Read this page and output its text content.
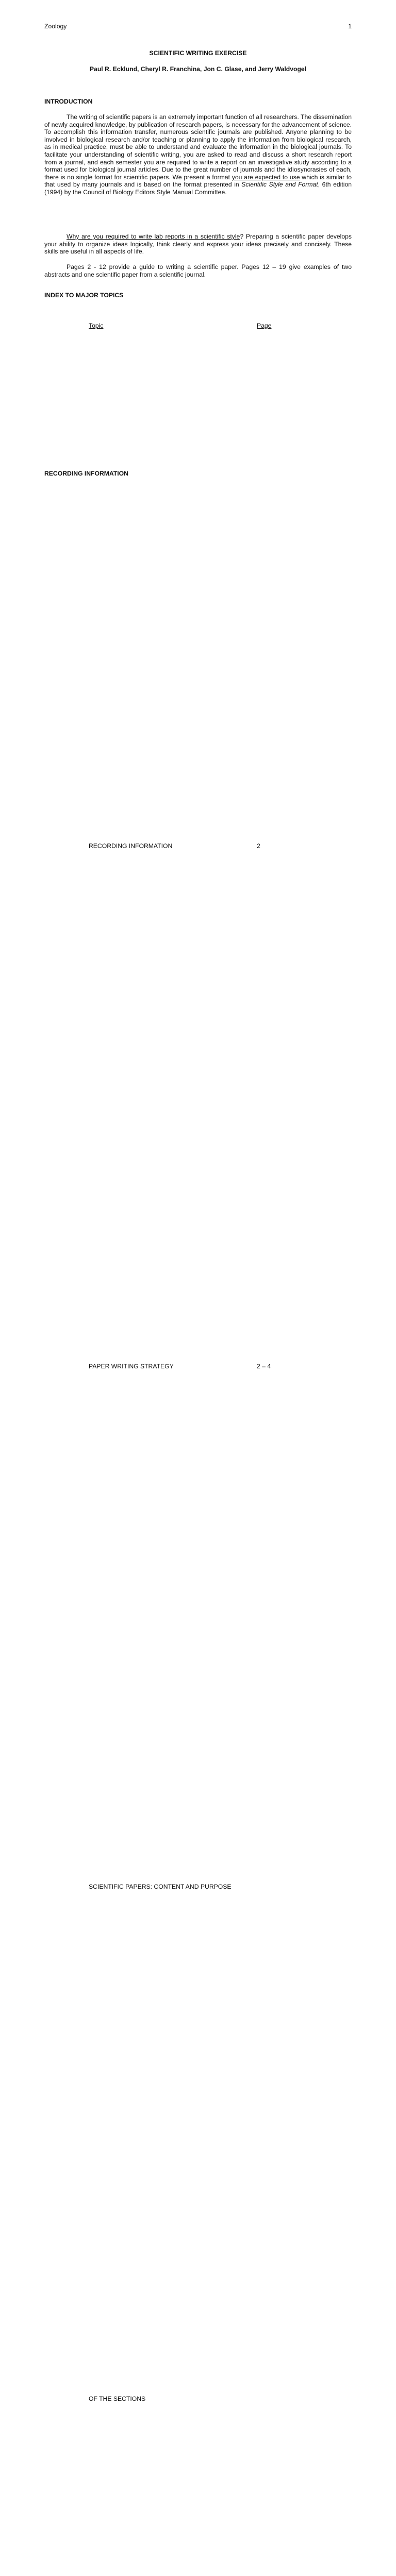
Zoology	1
SCIENTIFIC WRITING EXERCISE
Paul R. Ecklund, Cheryl R. Franchina, Jon C. Glase, and Jerry Waldvogel
INTRODUCTION

The writing of scientific papers is an extremely important function of all researchers. The dissemination of newly acquired knowledge, by publication of research papers, is necessary for the advancement of science. To accomplish this information transfer, numerous scientific journals are published. Anyone planning to be involved in biological research and/or teaching or planning to apply the information from biological research, as in medical practice, must be able to understand and evaluate the information in the biological journals. To facilitate your understanding of scientific writing, you are asked to read and discuss a short research report from a journal, and each semester you are required to write a report on an investigative study according to a format used for biological journal articles. Due to the great number of journals and the idiosyncrasies of each, there is no single format for scientific papers. We present a format you are expected to use which is similar to that used by many journals and is based on the format presented in Scientific Style and Format, 6th edition (1994) by the Council of Biology Editors Style Manual Committee.

Why are you required to write lab reports in a scientific style? Preparing a scientific paper develops your ability to organize ideas logically, think clearly and express your ideas precisely and concisely. These skills are useful in all aspects of life.

Pages 2 - 12 provide a guide to writing a scientific paper. Pages 12 – 19 give examples of two abstracts and one scientific paper from a scientific journal.

INDEX TO MAJOR TOPICS
Topic	Page

RECORDING INFORMATION	2

PAPER WRITING STRATEGY	2 – 4

SCIENTIFIC PAPERS: CONTENT AND PURPOSE	
OF THE SECTIONS	

RECORDING INFORMATION
